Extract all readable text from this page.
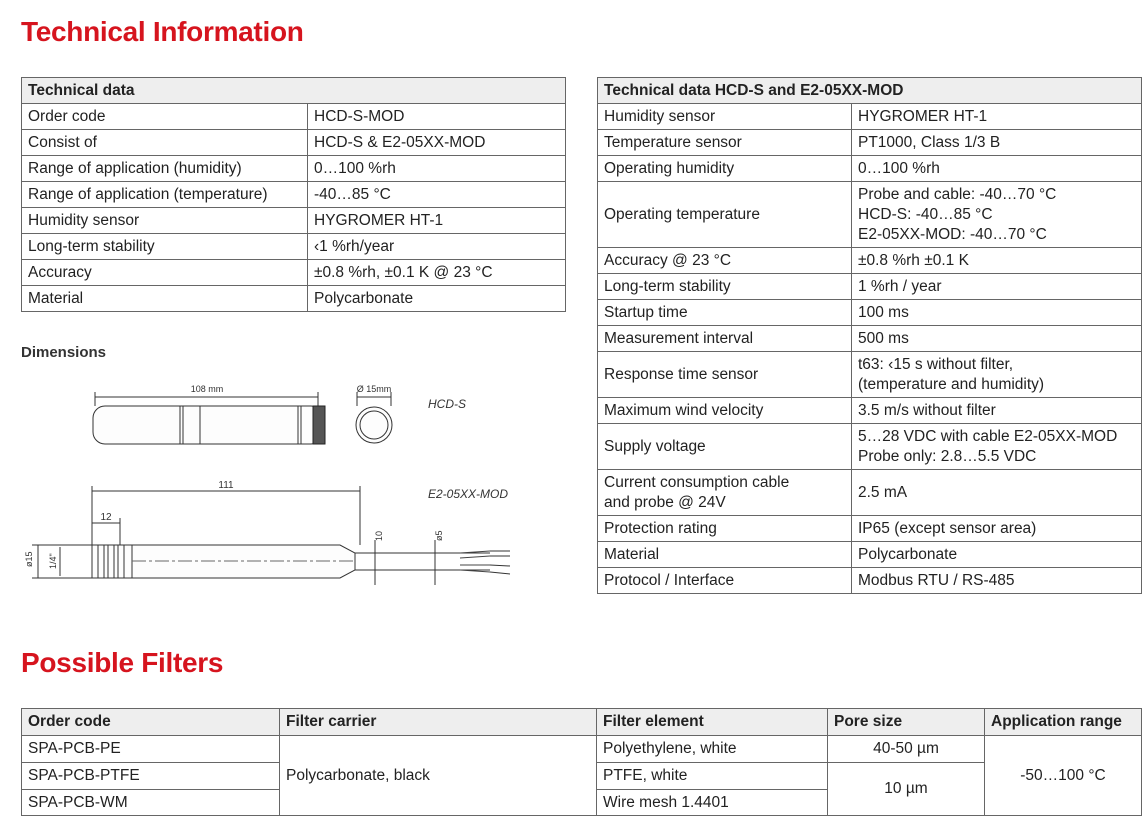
Technical Information
Technical data	
Order code	HCD-S-MOD
Consist of	HCD-S & E2-05XX-MOD
Range of application (humidity)	0…100 %rh
Range of application (temperature)	-40…85 °C
Humidity sensor	HYGROMER HT-1
Long-term stability	‹1 %rh/year
Accuracy	±0.8 %rh, ±0.1 K @ 23 °C
Material	Polycarbonate
Technical data HCD-S and E2-05XX-MOD	
Humidity sensor	HYGROMER HT-1
Temperature sensor	PT1000, Class 1/3 B
Operating humidity	0…100 %rh
Operating temperature	Probe and cable: -40…70 °C
HCD-S: -40…85 °C
E2-05XX-MOD: -40…70 °C
Accuracy @ 23 °C	±0.8 %rh ±0.1 K
Long-term stability	1 %rh / year
Startup time	100 ms
Measurement interval	500 ms
Response time sensor	t63: ‹15 s without filter,
(temperature and humidity)
Maximum wind velocity	3.5 m/s without filter
Supply voltage	5…28 VDC with cable E2-05XX-MOD
Probe only: 2.8…5.5 VDC
Current consumption cable
and probe @ 24V	2.5 mA
Protection rating	IP65 (except sensor area)
Material	Polycarbonate
Protocol / Interface	Modbus RTU / RS-485
Dimensions
108 mm	Ø 15mm
111
12
ø15 1/4"
10	ø5
HCD-S
E2-05XX-MOD
Possible Filters
Order code	Filter carrier	Filter element	Pore size	Application range
SPA-PCB-PE	Polycarbonate, black	Polyethylene, white	40-50 µm	-50…100 °C
SPA-PCB-PTFE		PTFE, white	10 µm	
SPA-PCB-WM		Wire mesh 1.4401		
